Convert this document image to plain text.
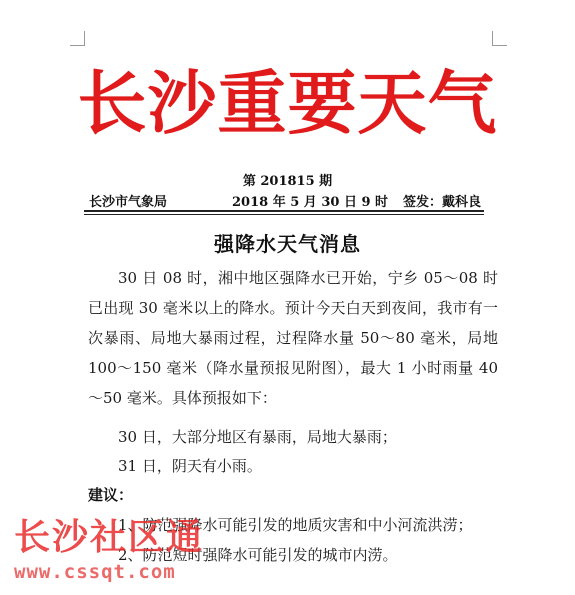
长沙重要天气
第 201815 期
长沙市气象局	2018 年 5 月 30 日 9 时 签发：戴科良
强降水天气消息
30 日 08 时，湘中地区强降水已开始，宁乡 05～08 时已出现 30 毫米以上的降水。预计今天白天到夜间，我市有一次暴雨、局地大暴雨过程，过程降水量 50～80 毫米，局地 100～150 毫米（降水量预报见附图），最大 1 小时雨量 40～50 毫米。具体预报如下：
30 日，大部分地区有暴雨，局地大暴雨；
31 日，阴天有小雨。
建议：
1、防范强降水可能引发的地质灾害和中小河流洪涝；
2、防范短时强降水可能引发的城市内涝。
长沙社区通
www.cssqt.com
